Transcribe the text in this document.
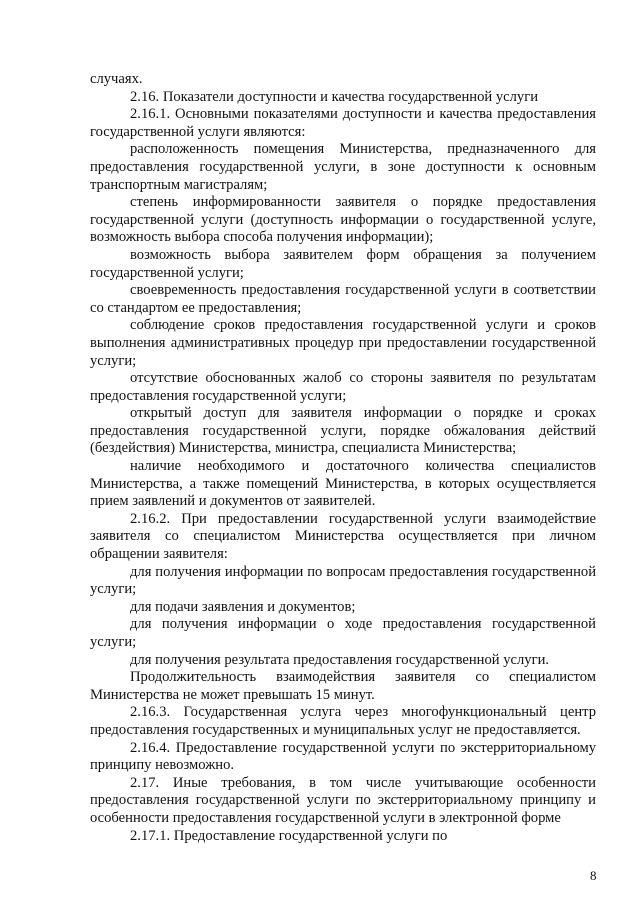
случаях.

2.16. Показатели доступности и качества государственной услуги

2.16.1. Основными показателями доступности и качества предоставления государственной услуги являются:

расположенность помещения Министерства, предназначенного для предоставления государственной услуги, в зоне доступности к основным транспортным магистралям;

степень информированности заявителя о порядке предоставления государственной услуги (доступность информации о государственной услуге, возможность выбора способа получения информации);

возможность выбора заявителем форм обращения за получением государственной услуги;

своевременность предоставления государственной услуги в соответствии со стандартом ее предоставления;

соблюдение сроков предоставления государственной услуги и сроков выполнения административных процедур при предоставлении государственной услуги;

отсутствие обоснованных жалоб со стороны заявителя по результатам предоставления государственной услуги;

открытый доступ для заявителя информации о порядке и сроках предоставления государственной услуги, порядке обжалования действий (бездействия) Министерства, министра, специалиста Министерства;

наличие необходимого и достаточного количества специалистов Министерства, а также помещений Министерства, в которых осуществляется прием заявлений и документов от заявителей.

2.16.2. При предоставлении государственной услуги взаимодействие заявителя со специалистом Министерства осуществляется при личном обращении заявителя:

для получения информации по вопросам предоставления государственной услуги;

для подачи заявления и документов;

для получения информации о ходе предоставления государственной услуги;

для получения результата предоставления государственной услуги.

Продолжительность взаимодействия заявителя со специалистом Министерства не может превышать 15 минут.

2.16.3. Государственная услуга через многофункциональный центр предоставления государственных и муниципальных услуг не предоставляется.

2.16.4. Предоставление государственной услуги по экстерриториальному принципу невозможно.

2.17. Иные требования, в том числе учитывающие особенности предоставления государственной услуги по экстерриториальному принципу и особенности предоставления государственной услуги в электронной форме

2.17.1. Предоставление государственной услуги по

8
